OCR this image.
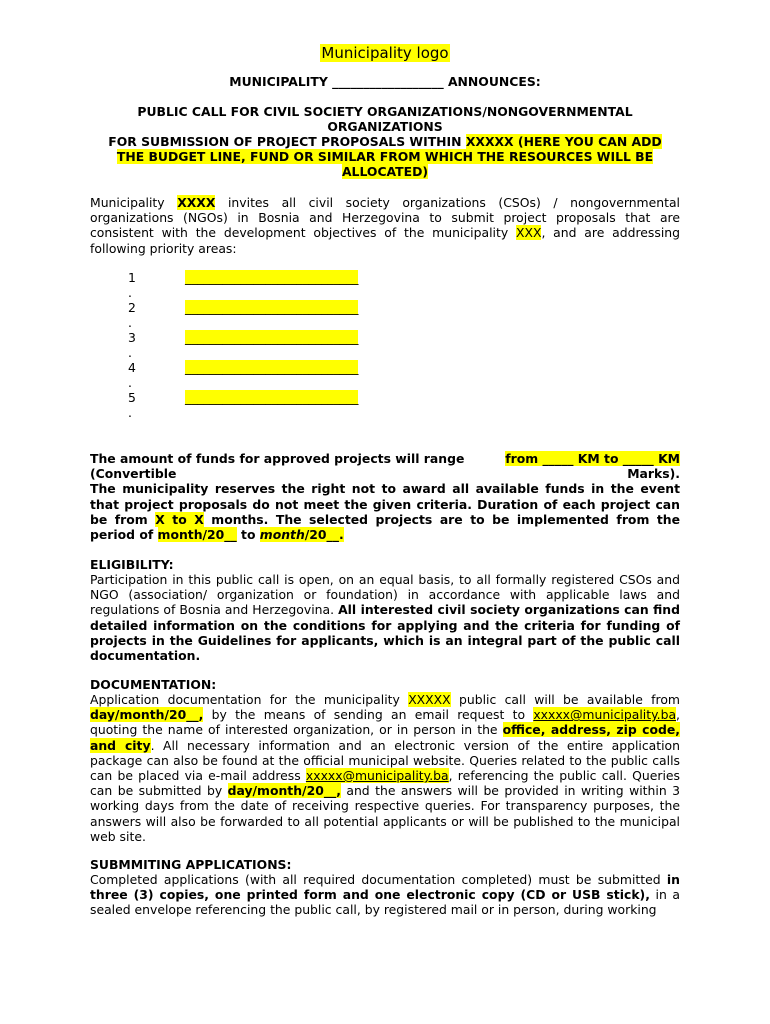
Municipality logo
MUNICIPALITY __________________ ANNOUNCES:
PUBLIC CALL FOR CIVIL SOCIETY ORGANIZATIONS/NONGOVERNMENTAL
ORGANIZATIONS
FOR SUBMISSION OF PROJECT PROPOSALS WITHIN XXXXX (HERE YOU CAN ADD
THE BUDGET LINE, FUND OR SIMILAR FROM WHICH THE RESOURCES WILL BE
ALLOCATED)
Municipality XXXX invites all civil society organizations (CSOs) / nongovernmental organizations (NGOs) in Bosnia and Herzegovina to submit project proposals that are consistent with the development objectives of the municipality XXX, and are addressing following priority areas:
1
.
____________________________
2
.
____________________________
3
.
____________________________
4
.
____________________________
5
.
____________________________
The amount of funds for approved projects will range	from _____ KM to _____ KM
(Convertible	Marks).
The municipality reserves the right not to award all available funds in the event that project proposals do not meet the given criteria. Duration of each project can be from X to X months. The selected projects are to be implemented from the period of month/20__ to month/20__.
ELIGIBILITY:
Participation in this public call is open, on an equal basis, to all formally registered CSOs and NGO (association/ organization or foundation) in accordance with applicable laws and regulations of Bosnia and Herzegovina. All interested civil society organizations can find detailed information on the conditions for applying and the criteria for funding of projects in the Guidelines for applicants, which is an integral part of the public call documentation.
DOCUMENTATION:
Application documentation for the municipality XXXXX public call will be available from day/month/20__, by the means of sending an email request to xxxxx@municipality.ba, quoting the name of interested organization, or in person in the office, address, zip code, and city. All necessary information and an electronic version of the entire application package can also be found at the official municipal website. Queries related to the public calls can be placed via e-mail address xxxxx@municipality.ba, referencing the public call. Queries can be submitted by day/month/20__, and the answers will be provided in writing within 3 working days from the date of receiving respective queries. For transparency purposes, the answers will also be forwarded to all potential applicants or will be published to the municipal web site.
SUBMMITING APPLICATIONS:
Completed applications (with all required documentation completed) must be submitted in three (3) copies, one printed form and one electronic copy (CD or USB stick), in a sealed envelope referencing the public call, by registered mail or in person, during working
